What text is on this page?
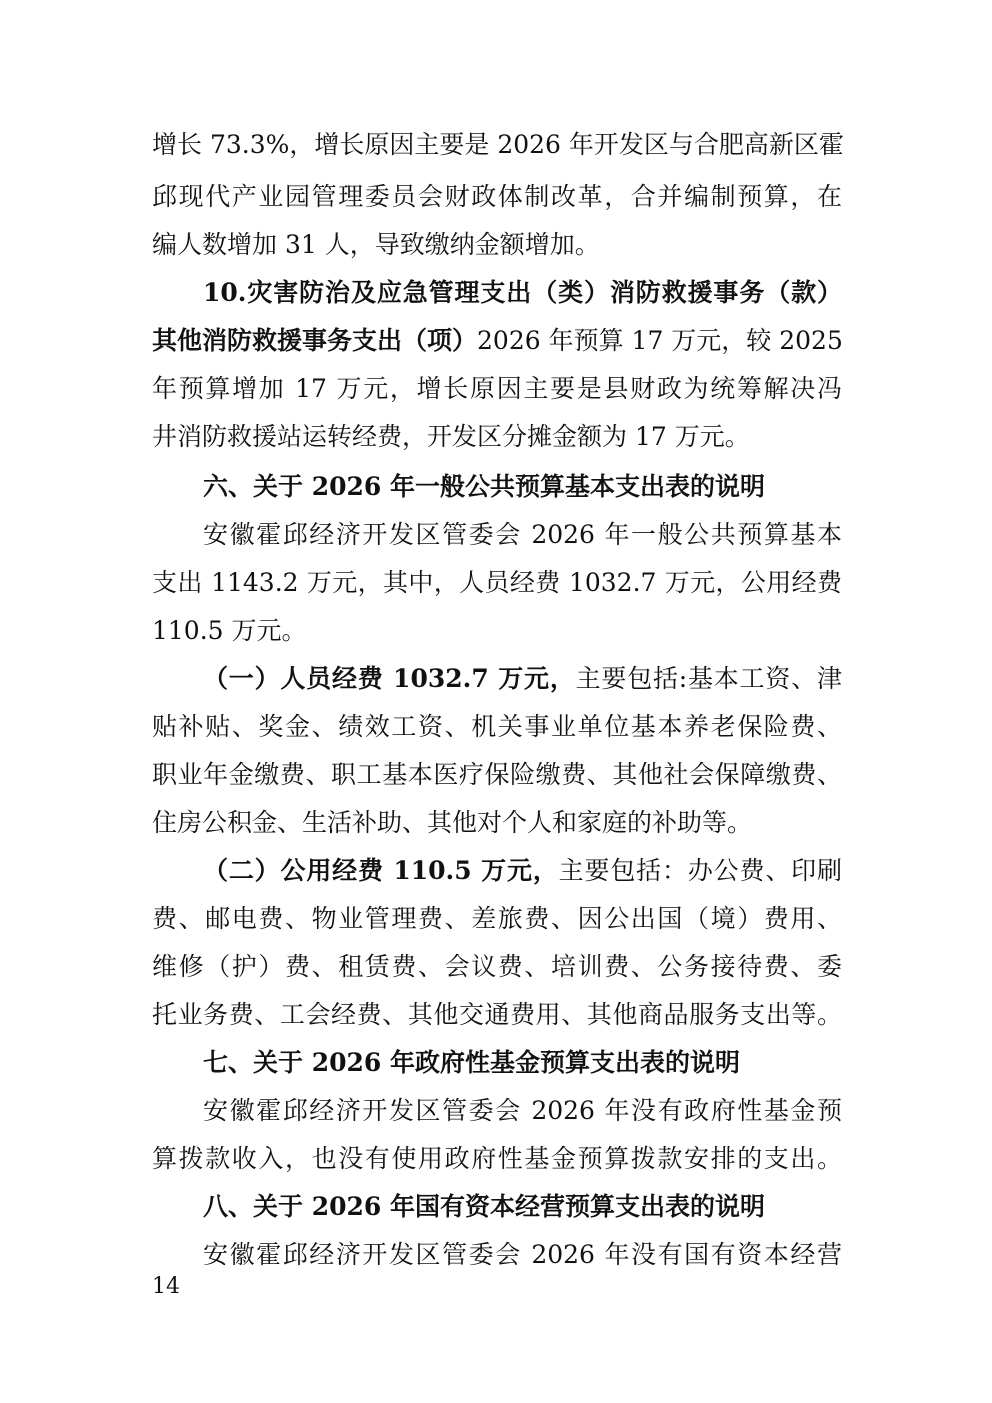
增长 73.3%，增长原因主要是 2026 年开发区与合肥高新区霍
邱现代产业园管理委员会财政体制改革，合并编制预算，在
编人数增加 31 人，导致缴纳金额增加。
10.灾害防治及应急管理支出（类）消防救援事务（款）
其他消防救援事务支出（项）2026 年预算 17 万元，较 2025
年预算增加 17 万元，增长原因主要是县财政为统筹解决冯
井消防救援站运转经费，开发区分摊金额为 17 万元。
六、关于 2026 年一般公共预算基本支出表的说明
安徽霍邱经济开发区管委会 2026 年一般公共预算基本
支出 1143.2 万元，其中，人员经费 1032.7 万元，公用经费
110.5 万元。
（一）人员经费 1032.7 万元，主要包括:基本工资、津
贴补贴、奖金、绩效工资、机关事业单位基本养老保险费、
职业年金缴费、职工基本医疗保险缴费、其他社会保障缴费、
住房公积金、生活补助、其他对个人和家庭的补助等。
（二）公用经费 110.5 万元，主要包括：办公费、印刷
费、邮电费、物业管理费、差旅费、因公出国（境）费用、
维修（护）费、租赁费、会议费、培训费、公务接待费、委
托业务费、工会经费、其他交通费用、其他商品服务支出等。
七、关于 2026 年政府性基金预算支出表的说明
安徽霍邱经济开发区管委会 2026 年没有政府性基金预
算拨款收入，也没有使用政府性基金预算拨款安排的支出。
八、关于 2026 年国有资本经营预算支出表的说明
安徽霍邱经济开发区管委会 2026 年没有国有资本经营
14
